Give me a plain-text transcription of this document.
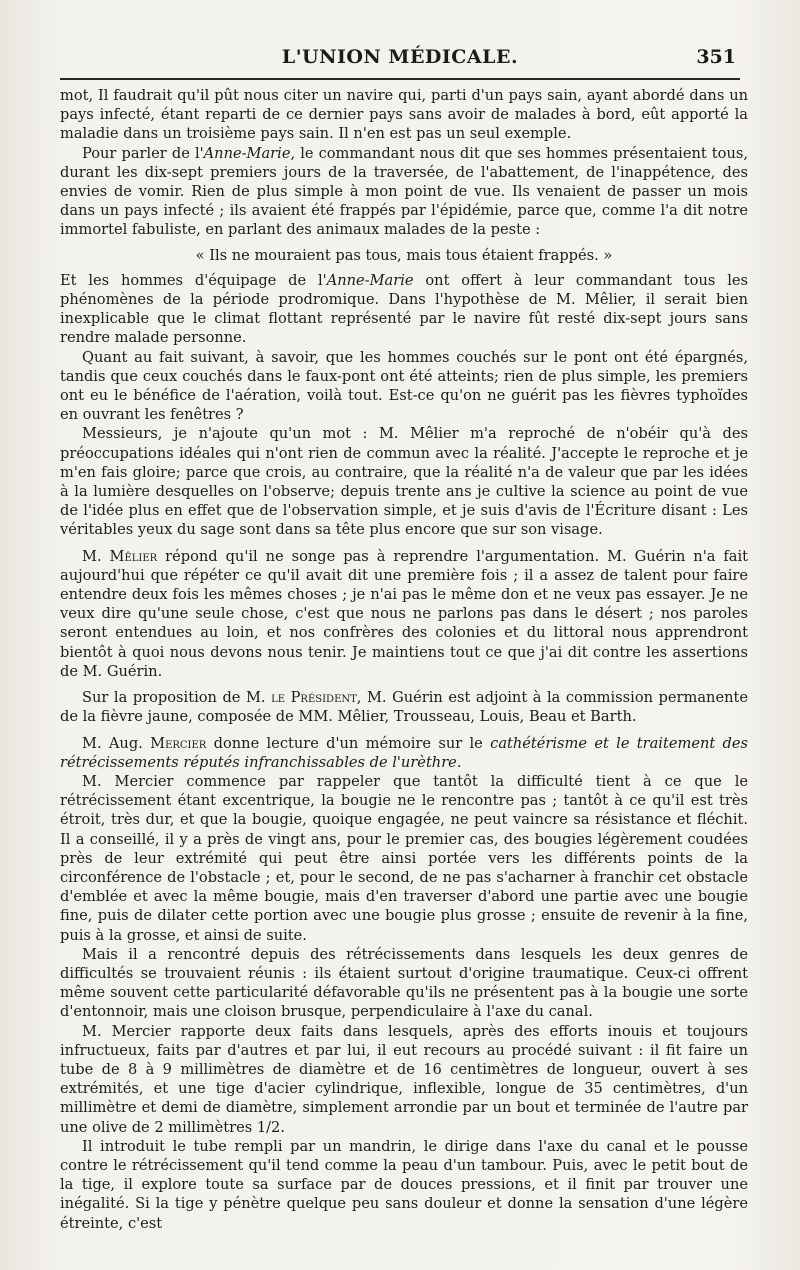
L'UNION MÉDICALE.	351

mot, Il faudrait qu'il pût nous citer un navire qui, parti d'un pays sain, ayant abordé dans un pays infecté, étant reparti de ce dernier pays sans avoir de malades à bord, eût apporté la maladie dans un troisième pays sain. Il n'en est pas un seul exemple.

Pour parler de l'Anne-Marie, le commandant nous dit que ses hommes présentaient tous, durant les dix-sept premiers jours de la traversée, de l'abattement, de l'inappétence, des envies de vomir. Rien de plus simple à mon point de vue. Ils venaient de passer un mois dans un pays infecté ; ils avaient été frappés par l'épidémie, parce que, comme l'a dit notre immortel fabuliste, en parlant des animaux malades de la peste :

« Ils ne mouraient pas tous, mais tous étaient frappés. »

Et les hommes d'équipage de l'Anne-Marie ont offert à leur commandant tous les phénomènes de la période prodromique. Dans l'hypothèse de M. Mêlier, il serait bien inexplicable que le climat flottant représenté par le navire fût resté dix-sept jours sans rendre malade personne.

Quant au fait suivant, à savoir, que les hommes couchés sur le pont ont été épargnés, tandis que ceux couchés dans le faux-pont ont été atteints; rien de plus simple, les premiers ont eu le bénéfice de l'aération, voilà tout. Est-ce qu'on ne guérit pas les fièvres typhoïdes en ouvrant les fenêtres ?

Messieurs, je n'ajoute qu'un mot : M. Mêlier m'a reproché de n'obéir qu'à des préoccupations idéales qui n'ont rien de commun avec la réalité. J'accepte le reproche et je m'en fais gloire; parce que crois, au contraire, que la réalité n'a de valeur que par les idées à la lumière desquelles on l'observe; depuis trente ans je cultive la science au point de vue de l'idée plus en effet que de l'observation simple, et je suis d'avis de l'Écriture disant : Les véritables yeux du sage sont dans sa tête plus encore que sur son visage.

M. Mêlier répond qu'il ne songe pas à reprendre l'argumentation. M. Guérin n'a fait aujourd'hui que répéter ce qu'il avait dit une première fois ; il a assez de talent pour faire entendre deux fois les mêmes choses ; je n'ai pas le même don et ne veux pas essayer. Je ne veux dire qu'une seule chose, c'est que nous ne parlons pas dans le désert ; nos paroles seront entendues au loin, et nos confrères des colonies et du littoral nous apprendront bientôt à quoi nous devons nous tenir. Je maintiens tout ce que j'ai dit contre les assertions de M. Guérin.

Sur la proposition de M. le Président, M. Guérin est adjoint à la commission permanente de la fièvre jaune, composée de MM. Mêlier, Trousseau, Louis, Beau et Barth.

M. Aug. Mercier donne lecture d'un mémoire sur le cathétérisme et le traitement des rétrécissements réputés infranchissables de l'urèthre.

M. Mercier commence par rappeler que tantôt la difficulté tient à ce que le rétrécissement étant excentrique, la bougie ne le rencontre pas ; tantôt à ce qu'il est très étroit, très dur, et que la bougie, quoique engagée, ne peut vaincre sa résistance et fléchit. Il a conseillé, il y a près de vingt ans, pour le premier cas, des bougies légèrement coudées près de leur extrémité qui peut être ainsi portée vers les différents points de la circonférence de l'obstacle ; et, pour le second, de ne pas s'acharner à franchir cet obstacle d'emblée et avec la même bougie, mais d'en traverser d'abord une partie avec une bougie fine, puis de dilater cette portion avec une bougie plus grosse ; ensuite de revenir à la fine, puis à la grosse, et ainsi de suite.

Mais il a rencontré depuis des rétrécissements dans lesquels les deux genres de difficultés se trouvaient réunis : ils étaient surtout d'origine traumatique. Ceux-ci offrent même souvent cette particularité défavorable qu'ils ne présentent pas à la bougie une sorte d'entonnoir, mais une cloison brusque, perpendiculaire à l'axe du canal.

M. Mercier rapporte deux faits dans lesquels, après des efforts inouis et toujours infructueux, faits par d'autres et par lui, il eut recours au procédé suivant : il fit faire un tube de 8 à 9 millimètres de diamètre et de 16 centimètres de longueur, ouvert à ses extrémités, et une tige d'acier cylindrique, inflexible, longue de 35 centimètres, d'un millimètre et demi de diamètre, simplement arrondie par un bout et terminée de l'autre par une olive de 2 millimètres 1/2.

Il introduit le tube rempli par un mandrin, le dirige dans l'axe du canal et le pousse contre le rétrécissement qu'il tend comme la peau d'un tambour. Puis, avec le petit bout de la tige, il explore toute sa surface par de douces pressions, et il finit par trouver une inégalité. Si la tige y pénètre quelque peu sans douleur et donne la sensation d'une légère étreinte, c'est
